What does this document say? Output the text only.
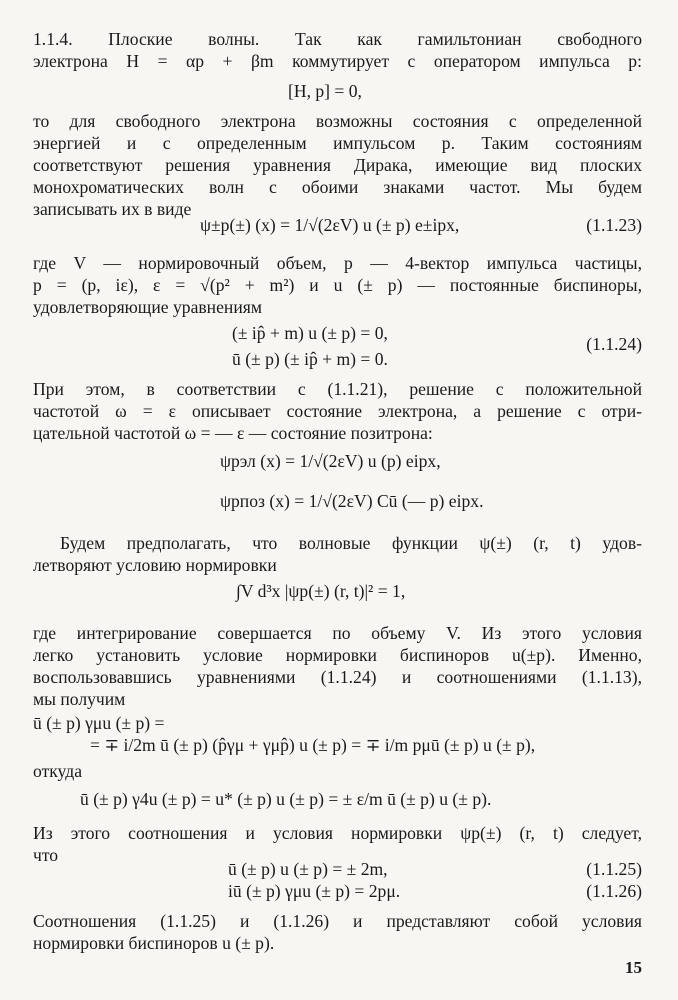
1.1.4. Плоские волны. Так как гамильтониан свободного
электрона H = αp + βm коммутирует с оператором импульса p:
[H, p] = 0,
то для свободного электрона возможны состояния с определенной
энергией и с определенным импульсом p. Таким состояниям
соответствуют решения уравнения Дирака, имеющие вид плоских
монохроматических волн с обоими знаками частот. Мы будем
записывать их в виде
ψ±p(±) (x) = 1/√(2εV) u (± p) e±ipx,	(1.1.23)
где V — нормировочный объем, p — 4-вектор импульса частицы,
p = (p, iε), ε = √(p² + m²) и u (± p) — постоянные биспиноры,
удовлетворяющие уравнениям
(± ip̂ + m) u (± p) = 0,
ū (± p) (± ip̂ + m) = 0.
(1.1.24)
При этом, в соответствии с (1.1.21), решение с положительной
частотой ω = ε описывает состояние электрона, а решение с отри-
цательной частотой ω = — ε — состояние позитрона:
ψpэл (x) = 1/√(2εV) u (p) eipx,
ψpпоз (x) = 1/√(2εV) Cū (— p) eipx.
Будем предполагать, что волновые функции ψ(±) (r, t) удов-
летворяют условию нормировки
∫V d³x |ψp(±) (r, t)|² = 1,
где интегрирование совершается по объему V. Из этого условия
легко установить условие нормировки биспиноров u(±p). Именно,
воспользовавшись уравнениями (1.1.24) и соотношениями (1.1.13),
мы получим
ū (± p) γμu (± p) =
= ∓ i/2m ū (± p) (p̂γμ + γμp̂) u (± p) = ∓ i/m pμū (± p) u (± p),
откуда
ū (± p) γ4u (± p) = u* (± p) u (± p) = ± ε/m ū (± p) u (± p).
Из этого соотношения и условия нормировки ψp(±) (r, t) следует,
что
ū (± p) u (± p) = ± 2m,	(1.1.25)
iū (± p) γμu (± p) = 2pμ.	(1.1.26)
Соотношения (1.1.25) и (1.1.26) и представляют собой условия
нормировки биспиноров u (± p).
15
